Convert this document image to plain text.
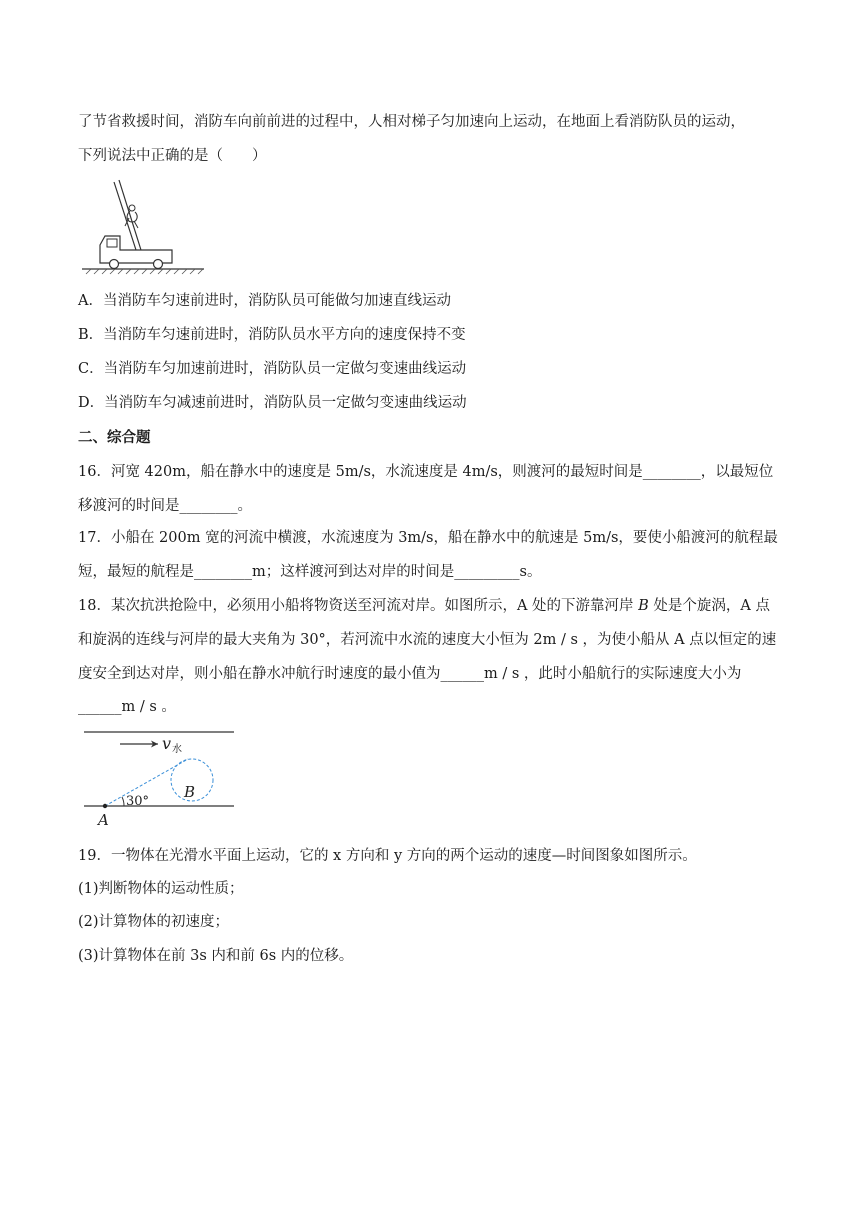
了节省救援时间，消防车向前前进的过程中，人相对梯子匀加速向上运动，在地面上看消防队员的运动，
下列说法中正确的是（　　）
A．当消防车匀速前进时，消防队员可能做匀加速直线运动
B．当消防车匀速前进时，消防队员水平方向的速度保持不变
C．当消防车匀加速前进时，消防队员一定做匀变速曲线运动
D．当消防车匀减速前进时，消防队员一定做匀变速曲线运动
二、综合题
16．河宽 420m，船在静水中的速度是 5m/s，水流速度是 4m/s，则渡河的最短时间是________，以最短位
移渡河的时间是________。
17．小船在 200m 宽的河流中横渡，水流速度为 3m/s，船在静水中的航速是 5m/s，要使小船渡河的航程最
短，最短的航程是________m；这样渡河到达对岸的时间是_________s。
18．某次抗洪抢险中，必须用小船将物资送至河流对岸。如图所示，A 处的下游靠河岸 B 处是个旋涡，A 点
和旋涡的连线与河岸的最大夹角为 30°，若河流中水流的速度大小恒为 2m / s ，为使小船从 A 点以恒定的速
度安全到达对岸，则小船在静水冲航行时速度的最小值为______m / s ，此时小船航行的实际速度大小为
______m / s 。
v 水
30°
A
B
19．一物体在光滑水平面上运动，它的 x 方向和 y 方向的两个运动的速度—时间图象如图所示。
(1)判断物体的运动性质；
(2)计算物体的初速度；
(3)计算物体在前 3s 内和前 6s 内的位移。
